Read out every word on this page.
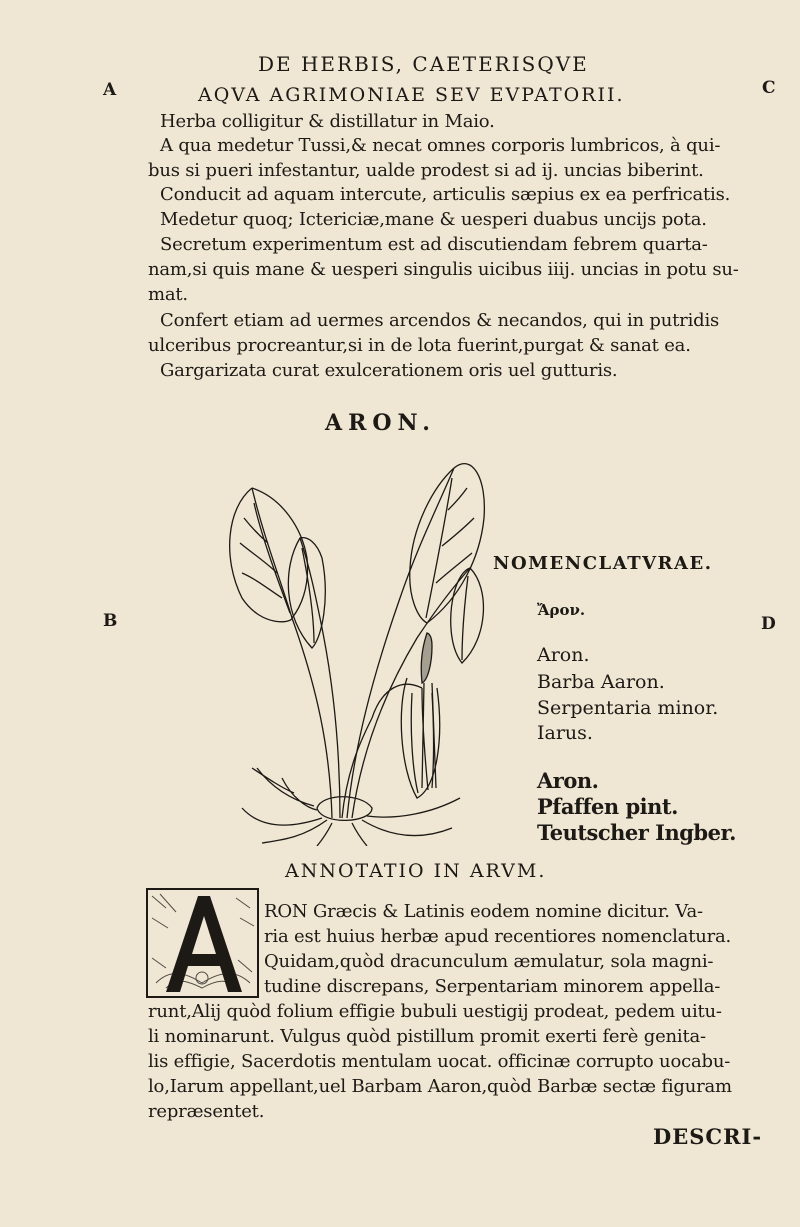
DE HERBIS, CAETERISQVE
A	C
B	D
AQVA AGRIMONIAE SEV EVPATORII.
Herba colligitur & distillatur in Maio.
A qua medetur Tussi,& necat omnes corporis lumbricos, à qui-
bus si pueri infestantur, ualde prodest si ad ij. uncias biberint.
Conducit ad aquam intercute, articulis sæpius ex ea perfricatis.
Medetur quoq; Ictericiæ,mane & uesperi duabus uncijs pota.
Secretum experimentum est ad discutiendam febrem quarta-
nam,si quis mane & uesperi singulis uicibus iiij. uncias in potu su-
mat.
Confert etiam ad uermes arcendos & necandos, qui in putridis
ulceribus procreantur,si in de lota fuerint,purgat & sanat ea.
Gargarizata curat exulcerationem oris uel gutturis.
ARON.
NOMENCLATVRAE.
Ἄρον.
Aron.
Barba Aaron.
Serpentaria minor.
Iarus.
Aron.
Pfaffen pint.
Teutscher Ingber.
ANNOTATIO IN ARVM.
RON Græcis & Latinis eodem nomine dicitur. Va-
ria est huius herbæ apud recentiores nomenclatura.
Quidam,quòd dracunculum æmulatur, sola magni-
tudine discrepans, Serpentariam minorem appella-
runt,Alij quòd folium effigie bubuli uestigij prodeat, pedem uitu-
li nominarunt. Vulgus quòd pistillum promit exerti ferè genita-
lis effigie, Sacerdotis mentulam uocat. officinæ corrupto uocabu-
lo,Iarum appellant,uel Barbam Aaron,quòd Barbæ sectæ figuram
repræsentet.
DESCRI-
